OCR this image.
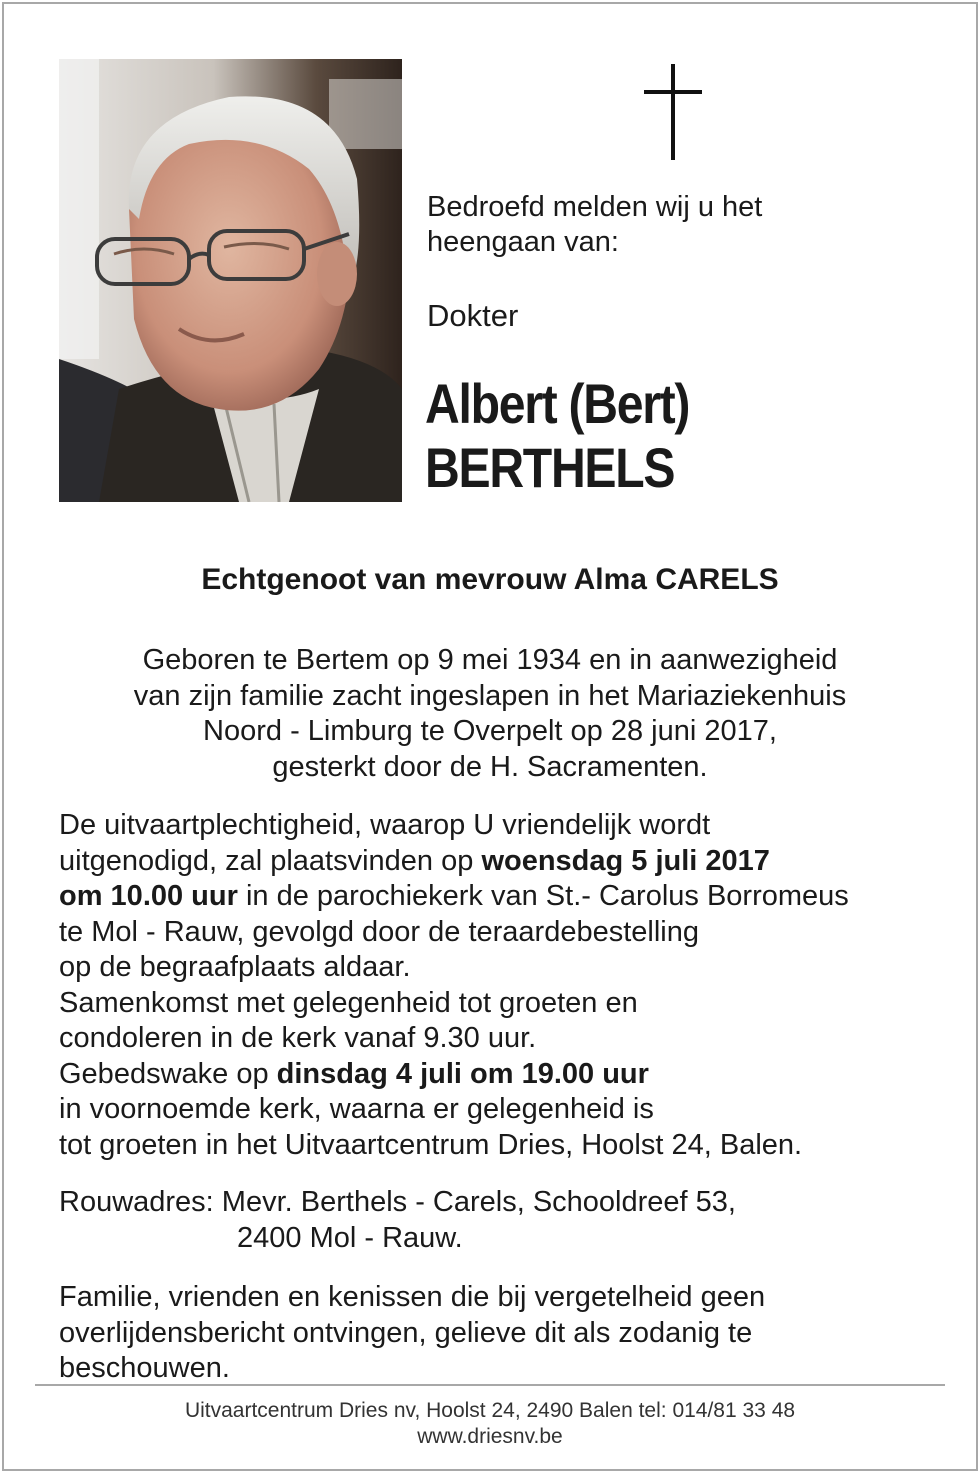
Bedroefd melden wij u het

heengaan van:

Dokter
Albert (Bert)
BERTHELS
Echtgenoot van mevrouw Alma CARELS
Geboren te Bertem op 9 mei 1934 en in aanwezigheid
van zijn familie zacht ingeslapen in het Mariaziekenhuis
Noord - Limburg te Overpelt op 28 juni 2017,
gesterkt door de H. Sacramenten.
De uitvaartplechtigheid, waarop U vriendelijk wordt
uitgenodigd, zal plaatsvinden op woensdag 5 juli 2017
om 10.00 uur in de parochiekerk van St.- Carolus Borromeus
te Mol - Rauw, gevolgd door de teraardebestelling
op de begraafplaats aldaar.
Samenkomst met gelegenheid tot groeten en
condoleren in de kerk vanaf 9.30 uur.
Gebedswake op dinsdag 4 juli om 19.00 uur
in voornoemde kerk, waarna er gelegenheid is
tot groeten in het Uitvaartcentrum Dries, Hoolst 24, Balen.
Rouwadres: Mevr. Berthels - Carels, Schooldreef 53,
2400 Mol - Rauw.
Familie, vrienden en kenissen die bij vergetelheid geen
overlijdensbericht ontvingen, gelieve dit als zodanig te
beschouwen.
Uitvaartcentrum Dries nv, Hoolst 24, 2490 Balen tel: 014/81 33 48
www.driesnv.be
